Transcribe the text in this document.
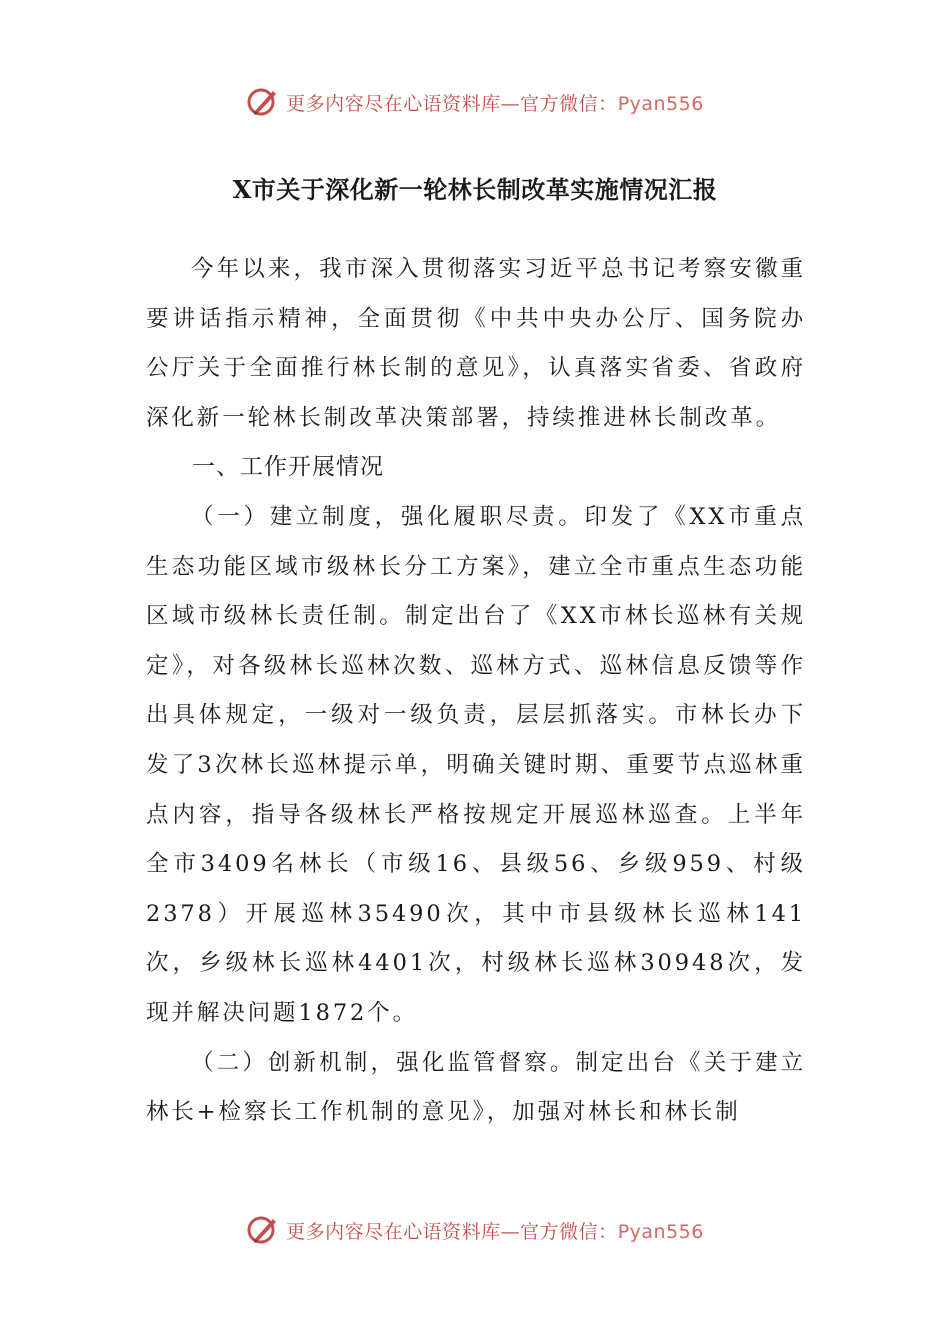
更多内容尽在心语资料库—官方微信：Pyan556
X市关于深化新一轮林长制改革实施情况汇报

今年以来，我市深入贯彻落实习近平总书记考察安徽重要讲话指示精神，全面贯彻《中共中央办公厅、国务院办公厅关于全面推行林长制的意见》，认真落实省委、省政府深化新一轮林长制改革决策部署，持续推进林长制改革。

一、工作开展情况

（一）建立制度，强化履职尽责。印发了《XX市重点生态功能区域市级林长分工方案》，建立全市重点生态功能区域市级林长责任制。制定出台了《XX市林长巡林有关规定》，对各级林长巡林次数、巡林方式、巡林信息反馈等作出具体规定，一级对一级负责，层层抓落实。市林长办下发了3次林长巡林提示单，明确关键时期、重要节点巡林重点内容，指导各级林长严格按规定开展巡林巡查。上半年全市3409名林长（市级16、县级56、乡级959、村级2378）开展巡林35490次，其中市县级林长巡林141次，乡级林长巡林4401次，村级林长巡林30948次，发现并解决问题1872个。

（二）创新机制，强化监管督察。制定出台《关于建立林长+检察长工作机制的意见》，加强对林长和林长制

更多内容尽在心语资料库—官方微信：Pyan556
